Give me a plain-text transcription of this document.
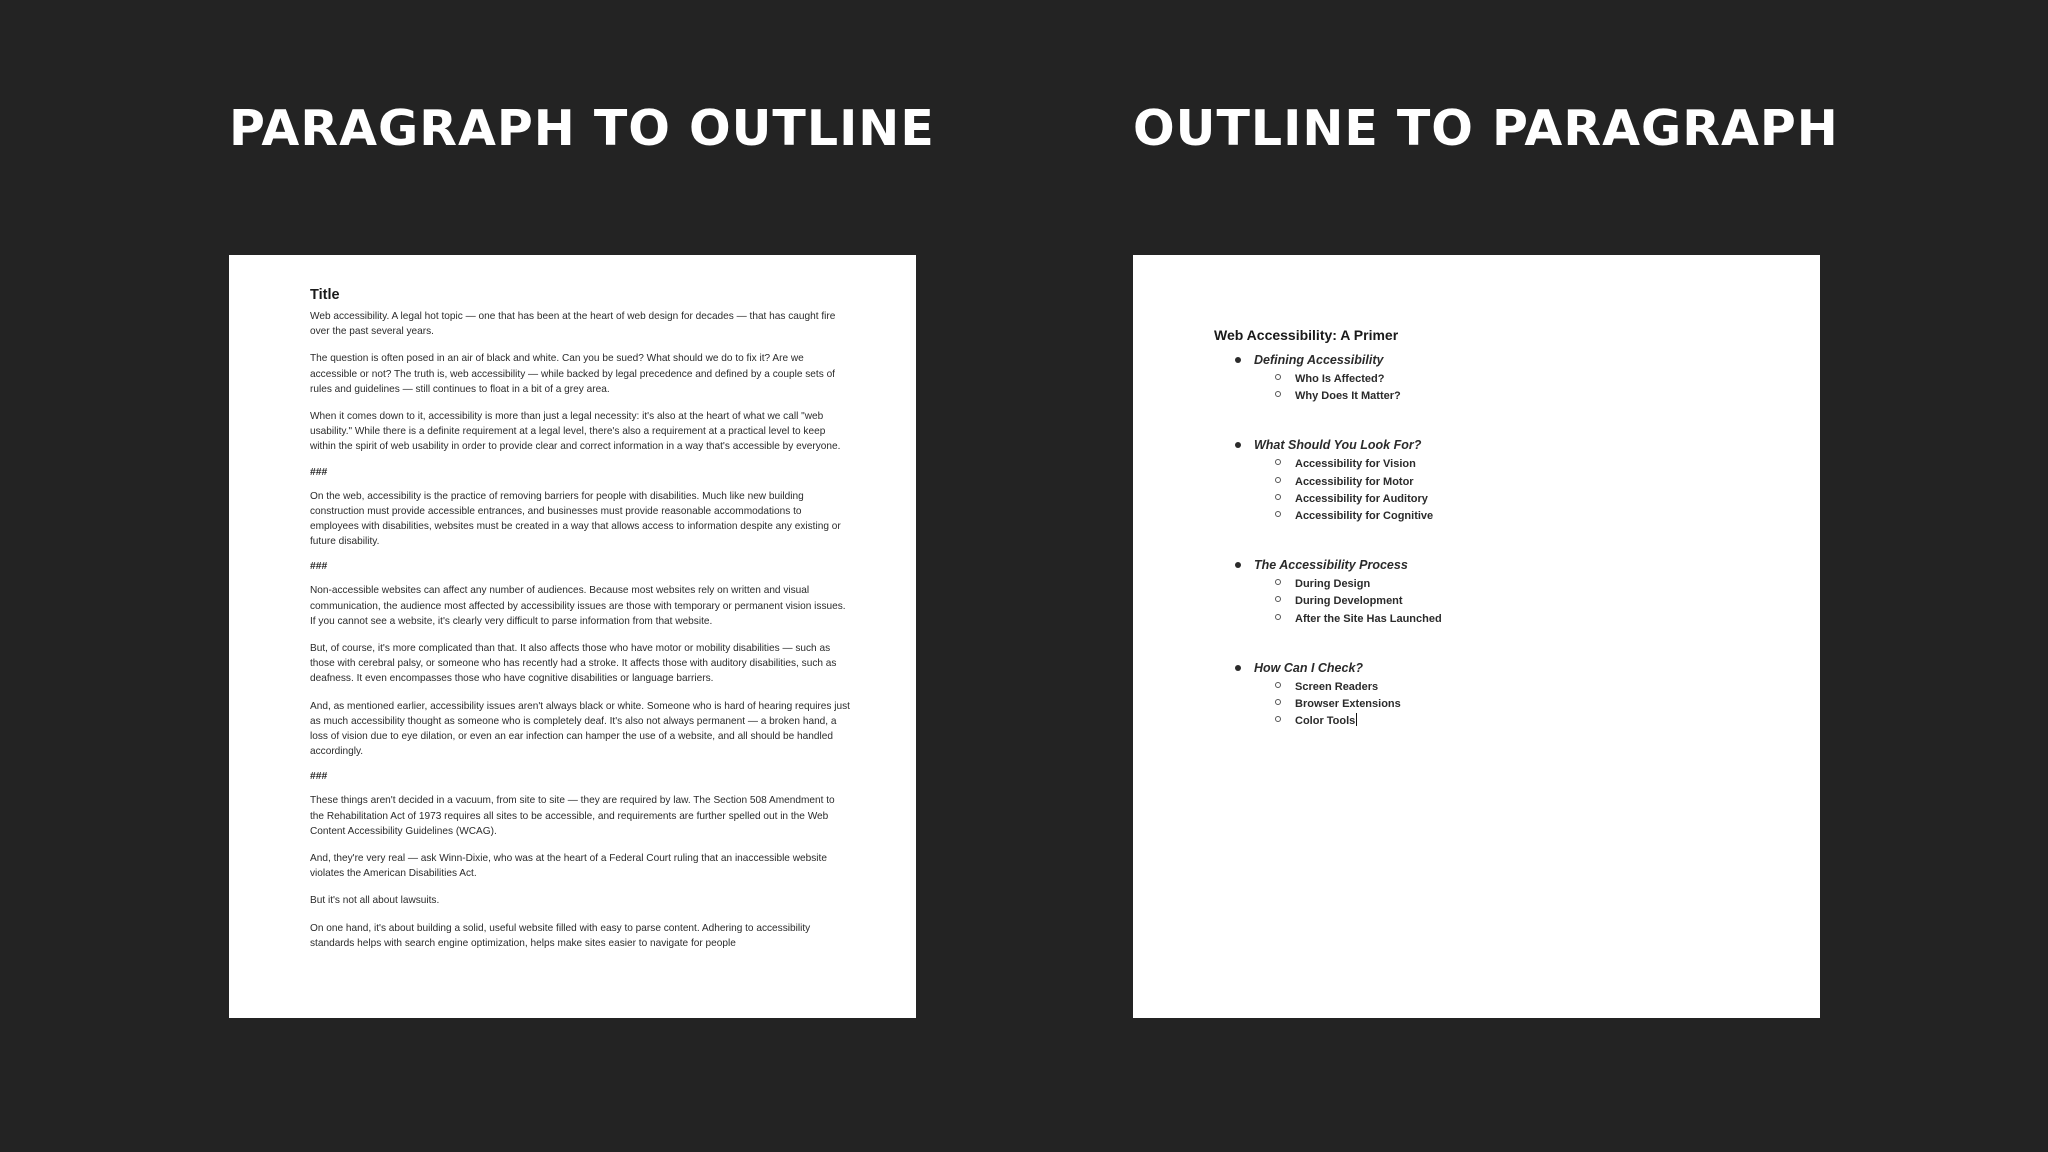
PARAGRAPH TO OUTLINE	OUTLINE TO PARAGRAPH
Title
Web accessibility. A legal hot topic — one that has been at the heart of web design for decades — that has caught fire over the past several years.
The question is often posed in an air of black and white. Can you be sued? What should we do to fix it? Are we accessible or not? The truth is, web accessibility — while backed by legal precedence and defined by a couple sets of rules and guidelines — still continues to float in a bit of a grey area.
When it comes down to it, accessibility is more than just a legal necessity: it's also at the heart of what we call "web usability." While there is a definite requirement at a legal level, there's also a requirement at a practical level to keep within the spirit of web usability in order to provide clear and correct information in a way that's accessible by everyone.
###
On the web, accessibility is the practice of removing barriers for people with disabilities. Much like new building construction must provide accessible entrances, and businesses must provide reasonable accommodations to employees with disabilities, websites must be created in a way that allows access to information despite any existing or future disability.
###
Non-accessible websites can affect any number of audiences. Because most websites rely on written and visual communication, the audience most affected by accessibility issues are those with temporary or permanent vision issues. If you cannot see a website, it's clearly very difficult to parse information from that website.
But, of course, it's more complicated than that. It also affects those who have motor or mobility disabilities — such as those with cerebral palsy, or someone who has recently had a stroke. It affects those with auditory disabilities, such as deafness. It even encompasses those who have cognitive disabilities or language barriers.
And, as mentioned earlier, accessibility issues aren't always black or white. Someone who is hard of hearing requires just as much accessibility thought as someone who is completely deaf. It's also not always permanent — a broken hand, a loss of vision due to eye dilation, or even an ear infection can hamper the use of a website, and all should be handled accordingly.
###
These things aren't decided in a vacuum, from site to site — they are required by law. The Section 508 Amendment to the Rehabilitation Act of 1973 requires all sites to be accessible, and requirements are further spelled out in the Web Content Accessibility Guidelines (WCAG).
And, they're very real — ask Winn-Dixie, who was at the heart of a Federal Court ruling that an inaccessible website violates the American Disabilities Act.
But it's not all about lawsuits.
On one hand, it's about building a solid, useful website filled with easy to parse content. Adhering to accessibility standards helps with search engine optimization, helps make sites easier to navigate for people
Web Accessibility: A Primer
Defining Accessibility
Who Is Affected?
Why Does It Matter?
What Should You Look For?
Accessibility for Vision
Accessibility for Motor
Accessibility for Auditory
Accessibility for Cognitive
The Accessibility Process
During Design
During Development
After the Site Has Launched
How Can I Check?
Screen Readers
Browser Extensions
Color Tools
